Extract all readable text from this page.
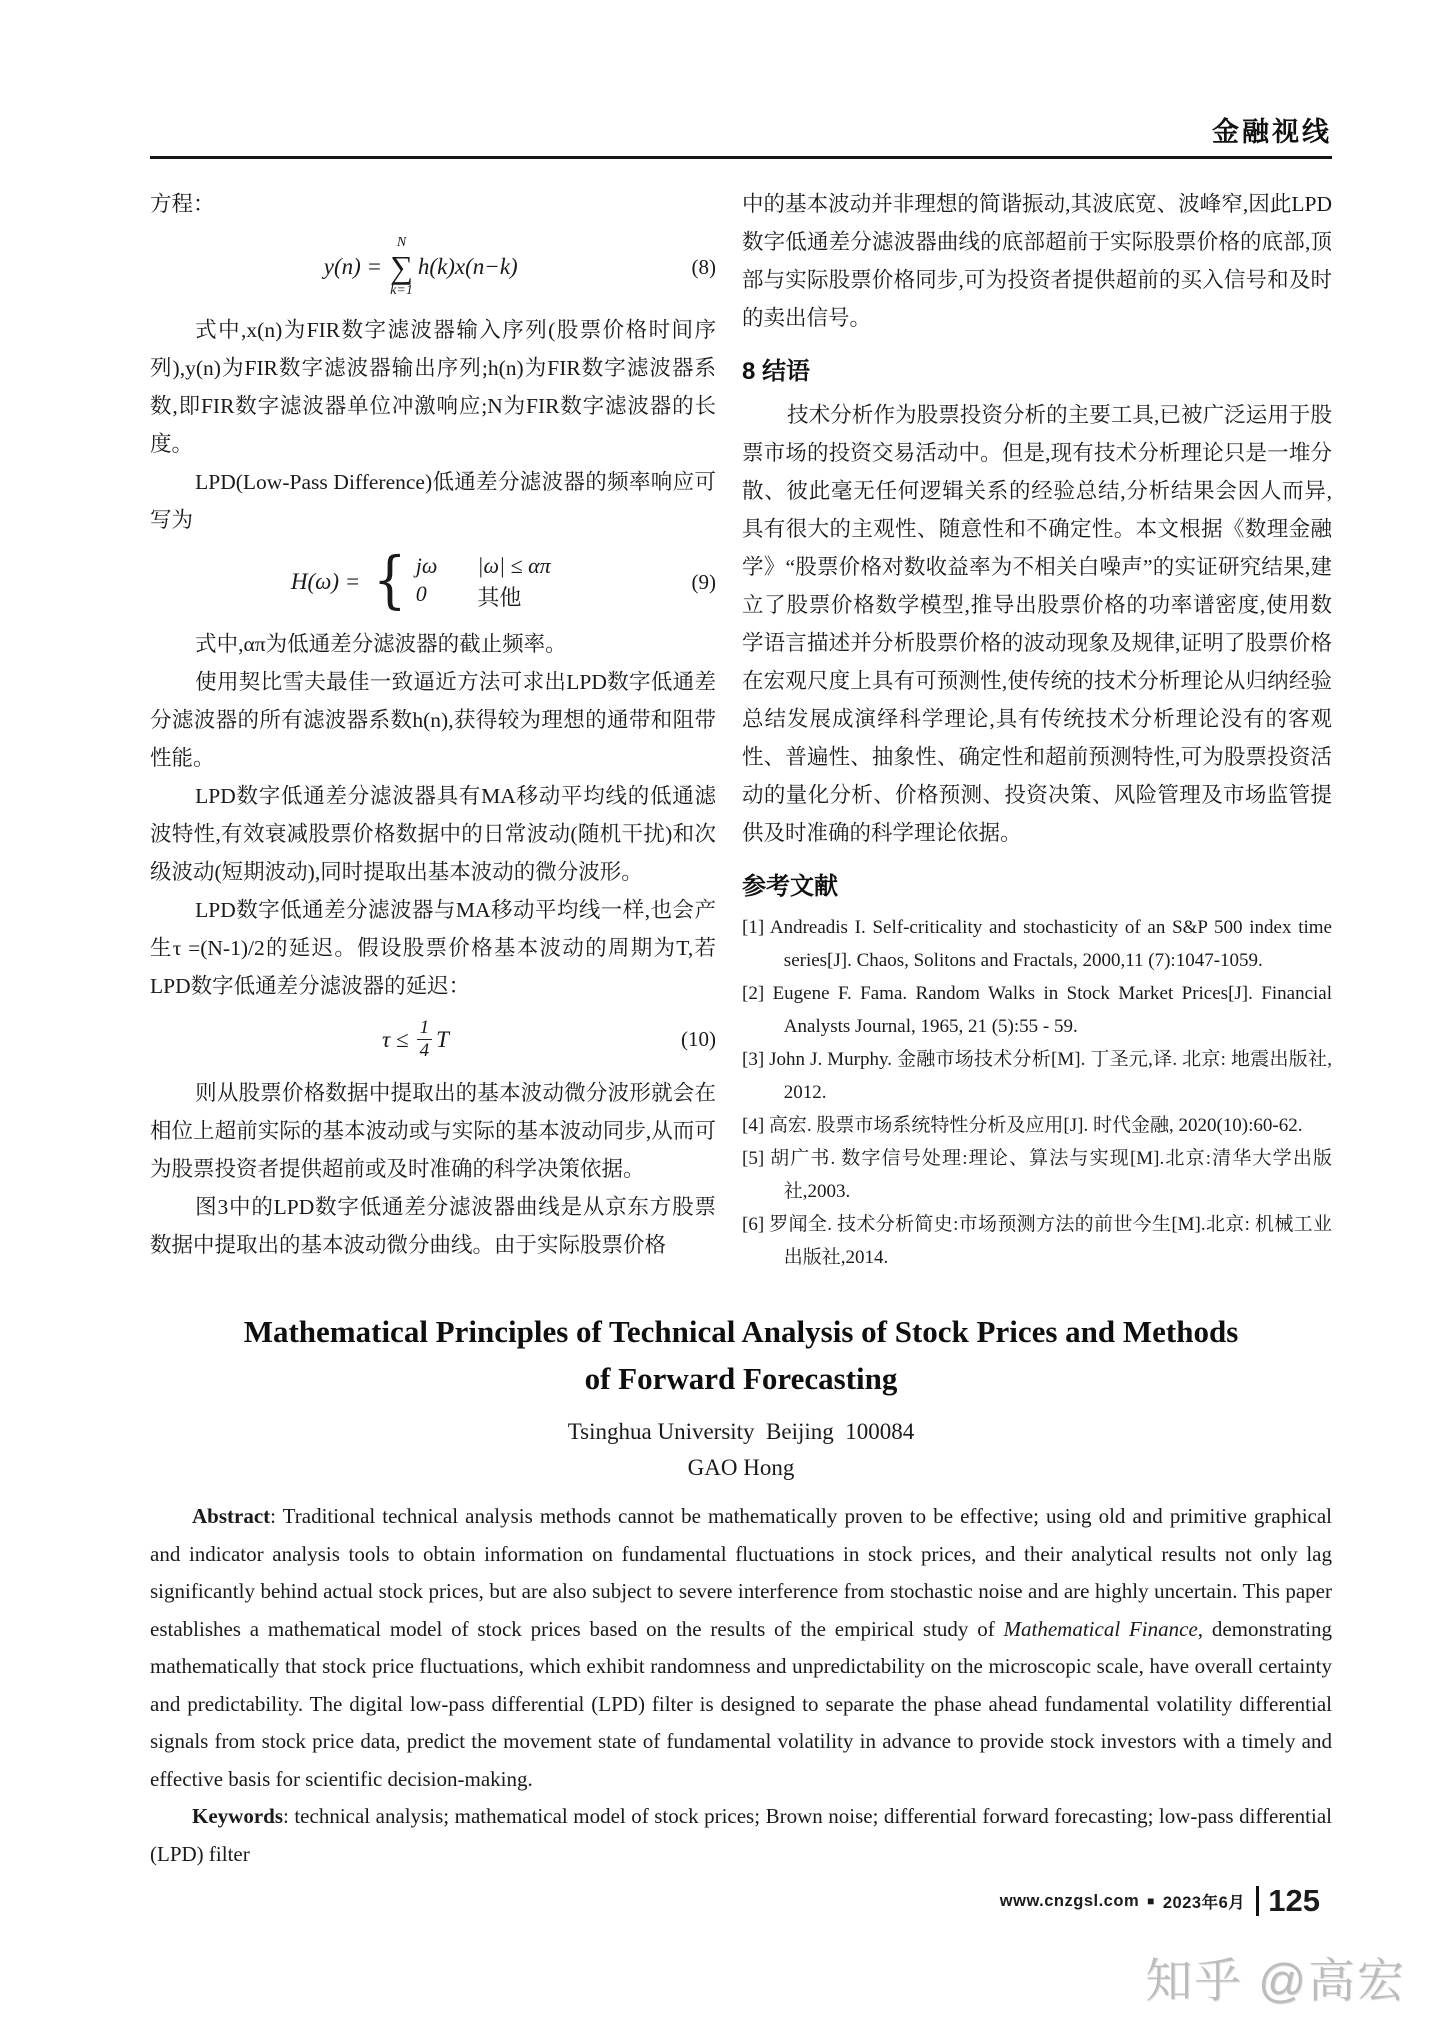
金融视线

方程：

y(n) =
N
∑
k=1
h(k)x(n−k)	(8)

式中,x(n)为FIR数字滤波器输入序列(股票价格时间序列),y(n)为FIR数字滤波器输出序列;h(n)为FIR数字滤波器系数,即FIR数字滤波器单位冲激响应;N为FIR数字滤波器的长度。

LPD(Low-Pass Difference)低通差分滤波器的频率响应可写为

H(ω) = { jω |ω| ≤ απ
0	其他
(9)

式中,απ为低通差分滤波器的截止频率。

使用契比雪夫最佳一致逼近方法可求出LPD数字低通差分滤波器的所有滤波器系数h(n),获得较为理想的通带和阻带性能。

LPD数字低通差分滤波器具有MA移动平均线的低通滤波特性,有效衰减股票价格数据中的日常波动(随机干扰)和次级波动(短期波动),同时提取出基本波动的微分波形。

LPD数字低通差分滤波器与MA移动平均线一样,也会产生τ =(N-1)/2的延迟。假设股票价格基本波动的周期为T,若LPD数字低通差分滤波器的延迟：

$\tau \le \frac{1}{4}$ T	(10)

则从股票价格数据中提取出的基本波动微分波形就会在相位上超前实际的基本波动或与实际的基本波动同步,从而可为股票投资者提供超前或及时准确的科学决策依据。

图3中的LPD数字低通差分滤波器曲线是从京东方股票数据中提取出的基本波动微分曲线。由于实际股票价格

中的基本波动并非理想的简谐振动,其波底宽、波峰窄,因此LPD数字低通差分滤波器曲线的底部超前于实际股票价格的底部,顶部与实际股票价格同步,可为投资者提供超前的买入信号和及时的卖出信号。

8 结语

技术分析作为股票投资分析的主要工具,已被广泛运用于股票市场的投资交易活动中。但是,现有技术分析理论只是一堆分散、彼此毫无任何逻辑关系的经验总结,分析结果会因人而异,具有很大的主观性、随意性和不确定性。本文根据《数理金融学》“股票价格对数收益率为不相关白噪声”的实证研究结果,建立了股票价格数学模型,推导出股票价格的功率谱密度,使用数学语言描述并分析股票价格的波动现象及规律,证明了股票价格在宏观尺度上具有可预测性,使传统的技术分析理论从归纳经验总结发展成演绎科学理论,具有传统技术分析理论没有的客观性、普遍性、抽象性、确定性和超前预测特性,可为股票投资活动的量化分析、价格预测、投资决策、风险管理及市场监管提供及时准确的科学理论依据。

参考文献

[1] Andreadis I. Self-criticality and stochasticity of an S&P 500 index time series[J]. Chaos, Solitons and Fractals, 2000,11 (7):1047-1059.

[2] Eugene F. Fama. Random Walks in Stock Market Prices[J]. Financial Analysts Journal, 1965, 21 (5):55 - 59.

[3] John J. Murphy. 金融市场技术分析[M]. 丁圣元,译. 北京: 地震出版社, 2012.

[4] 高宏. 股票市场系统特性分析及应用[J]. 时代金融, 2020(10):60-62.

[5] 胡广书. 数字信号处理:理论、算法与实现[M].北京:清华大学出版社,2003.

[6] 罗闻全. 技术分析简史:市场预测方法的前世今生[M].北京: 机械工业出版社,2014.

Mathematical Principles of Technical Analysis of Stock Prices and Methods
of Forward Forecasting

Tsinghua University  Beijing  100084

GAO Hong

Abstract: Traditional technical analysis methods cannot be mathematically proven to be effective; using old and primitive graphical and indicator analysis tools to obtain information on fundamental fluctuations in stock prices, and their analytical results not only lag significantly behind actual stock prices, but are also subject to severe interference from stochastic noise and are highly uncertain. This paper establishes a mathematical model of stock prices based on the results of the empirical study of Mathematical Finance, demonstrating mathematically that stock price fluctuations, which exhibit randomness and unpredictability on the microscopic scale, have overall certainty and predictability. The digital low-pass differential (LPD) filter is designed to separate the phase ahead fundamental volatility differential signals from stock price data, predict the movement state of fundamental volatility in advance to provide stock investors with a timely and effective basis for scientific decision-making.

Keywords: technical analysis; mathematical model of stock prices; Brown noise; differential forward forecasting; low-pass differential (LPD) filter

www.cnzgsl.com ■ 2023年6月 125
知乎 @高宏
